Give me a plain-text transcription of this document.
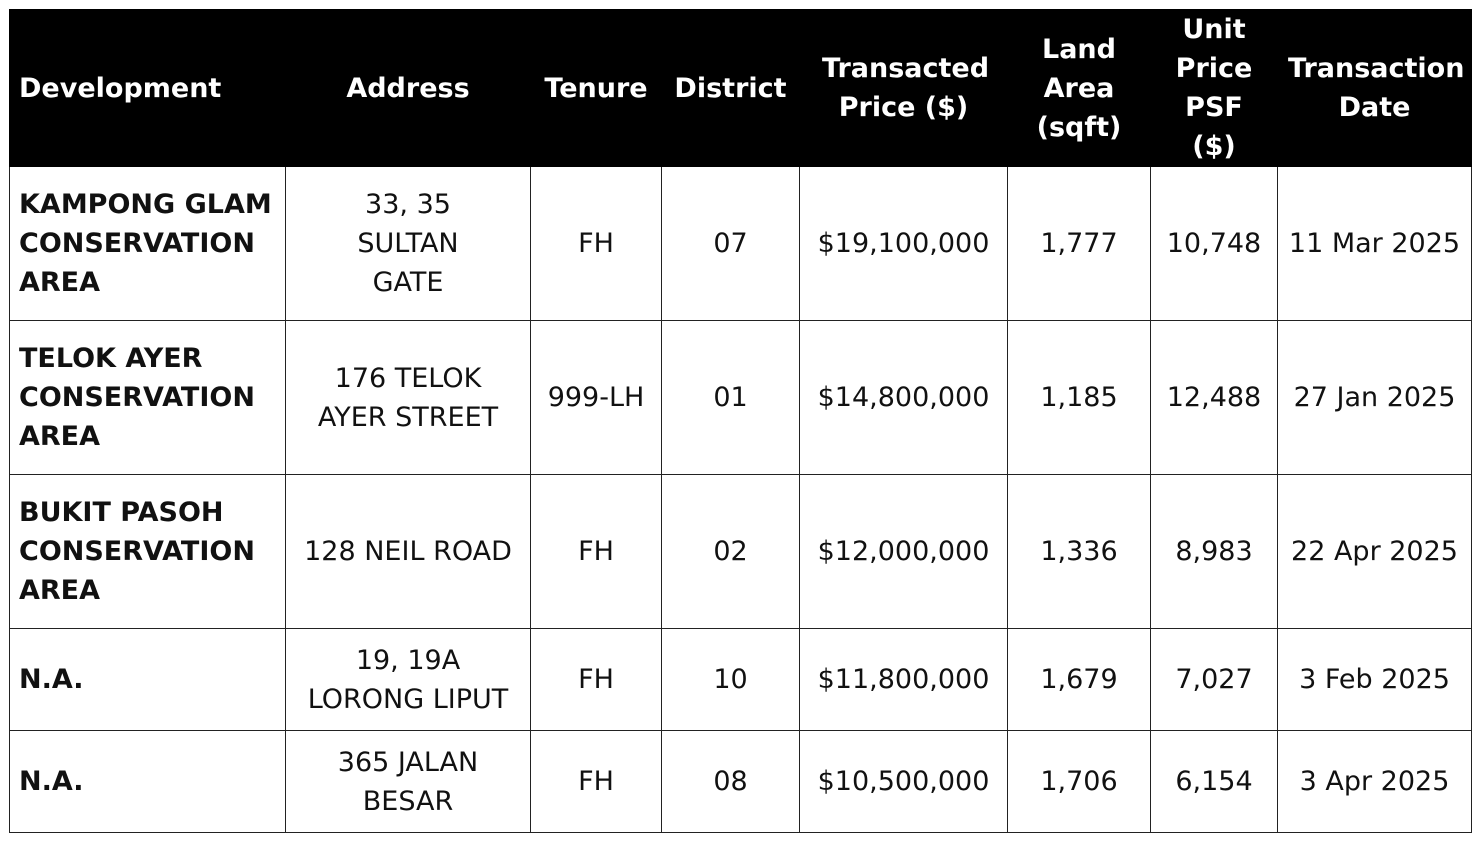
Development	Address	Tenure	District	Transacted Price ($)	Land Area (sqft)	Unit Price PSF ($)	Transaction Date
KAMPONG GLAM CONSERVATION AREA	33, 35 SULTAN GATE	FH	07	$19,100,000	1,777	10,748	11 Mar 2025
TELOK AYER CONSERVATION AREA	176 TELOK AYER STREET	999-LH	01	$14,800,000	1,185	12,488	27 Jan 2025
BUKIT PASOH CONSERVATION AREA	128 NEIL ROAD	FH	02	$12,000,000	1,336	8,983	22 Apr 2025
N.A.	19, 19A LORONG LIPUT	FH	10	$11,800,000	1,679	7,027	3 Feb 2025
N.A.	365 JALAN BESAR	FH	08	$10,500,000	1,706	6,154	3 Apr 2025
